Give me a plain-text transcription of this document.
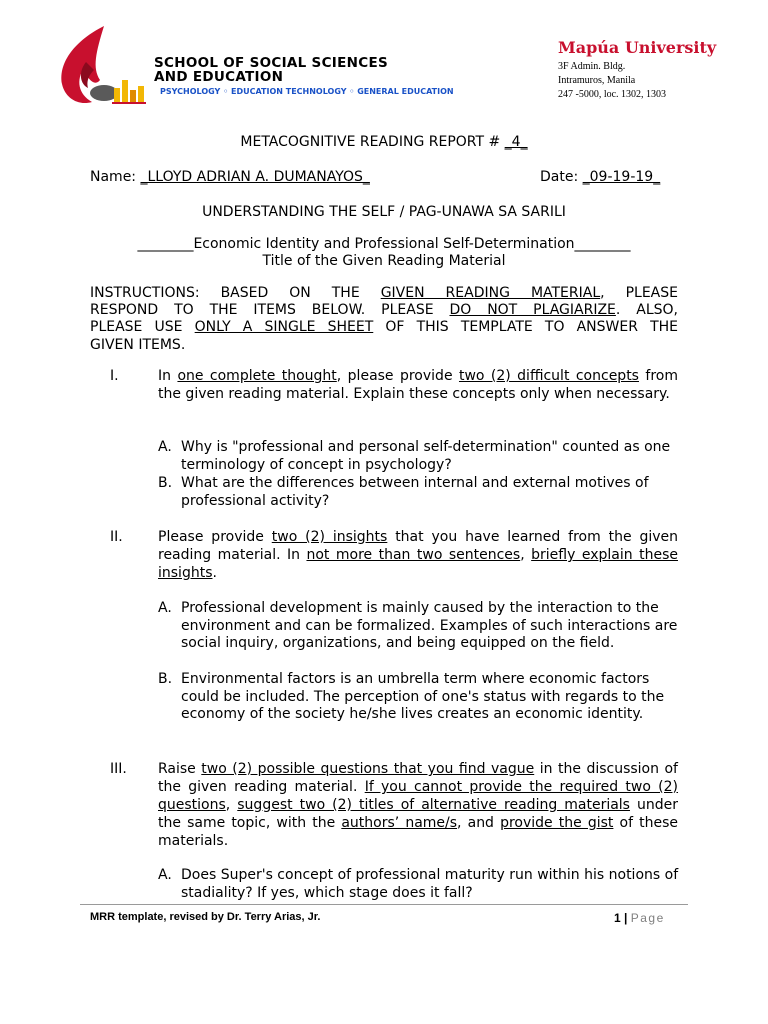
SCHOOL OF SOCIAL SCIENCES
AND EDUCATION
PSYCHOLOGY ◦ EDUCATION TECHNOLOGY ◦ GENERAL EDUCATION
Mapúa University
3F Admin. Bldg.
Intramuros, Manila
247 -5000, loc. 1302, 1303
METACOGNITIVE READING REPORT # _4_
Name: _LLOYD ADRIAN A. DUMANAYOS_	Date: _09-19-19_
UNDERSTANDING THE SELF / PAG-UNAWA SA SARILI
________Economic Identity and Professional Self-Determination________
Title of the Given Reading Material
INSTRUCTIONS: BASED ON THE GIVEN READING MATERIAL, PLEASE
RESPOND TO THE ITEMS BELOW. PLEASE DO NOT PLAGIARIZE. ALSO,
PLEASE USE ONLY A SINGLE SHEET OF THIS TEMPLATE TO ANSWER THE
GIVEN ITEMS.
I.	In one complete thought, please provide two (2) difficult concepts from the given reading material. Explain these concepts only when necessary.
A. Why is "professional and personal self-determination" counted as one terminology of concept in psychology?
B. What are the differences between internal and external motives of professional activity?
II.	Please provide two (2) insights that you have learned from the given reading material. In not more than two sentences, briefly explain these insights.
A. Professional development is mainly caused by the interaction to the environment and can be formalized. Examples of such interactions are social inquiry, organizations, and being equipped on the field.
B. Environmental factors is an umbrella term where economic factors could be included. The perception of one's status with regards to the economy of the society he/she lives creates an economic identity.
III. Raise two (2) possible questions that you find vague in the discussion of the given reading material. If you cannot provide the required two (2) questions, suggest two (2) titles of alternative reading materials under the same topic, with the authors’ name/s, and provide the gist of these materials.
A. Does Super's concept of professional maturity run within his notions of stadiality? If yes, which stage does it fall?
MRR template, revised by Dr. Terry Arias, Jr.	1 | Page
